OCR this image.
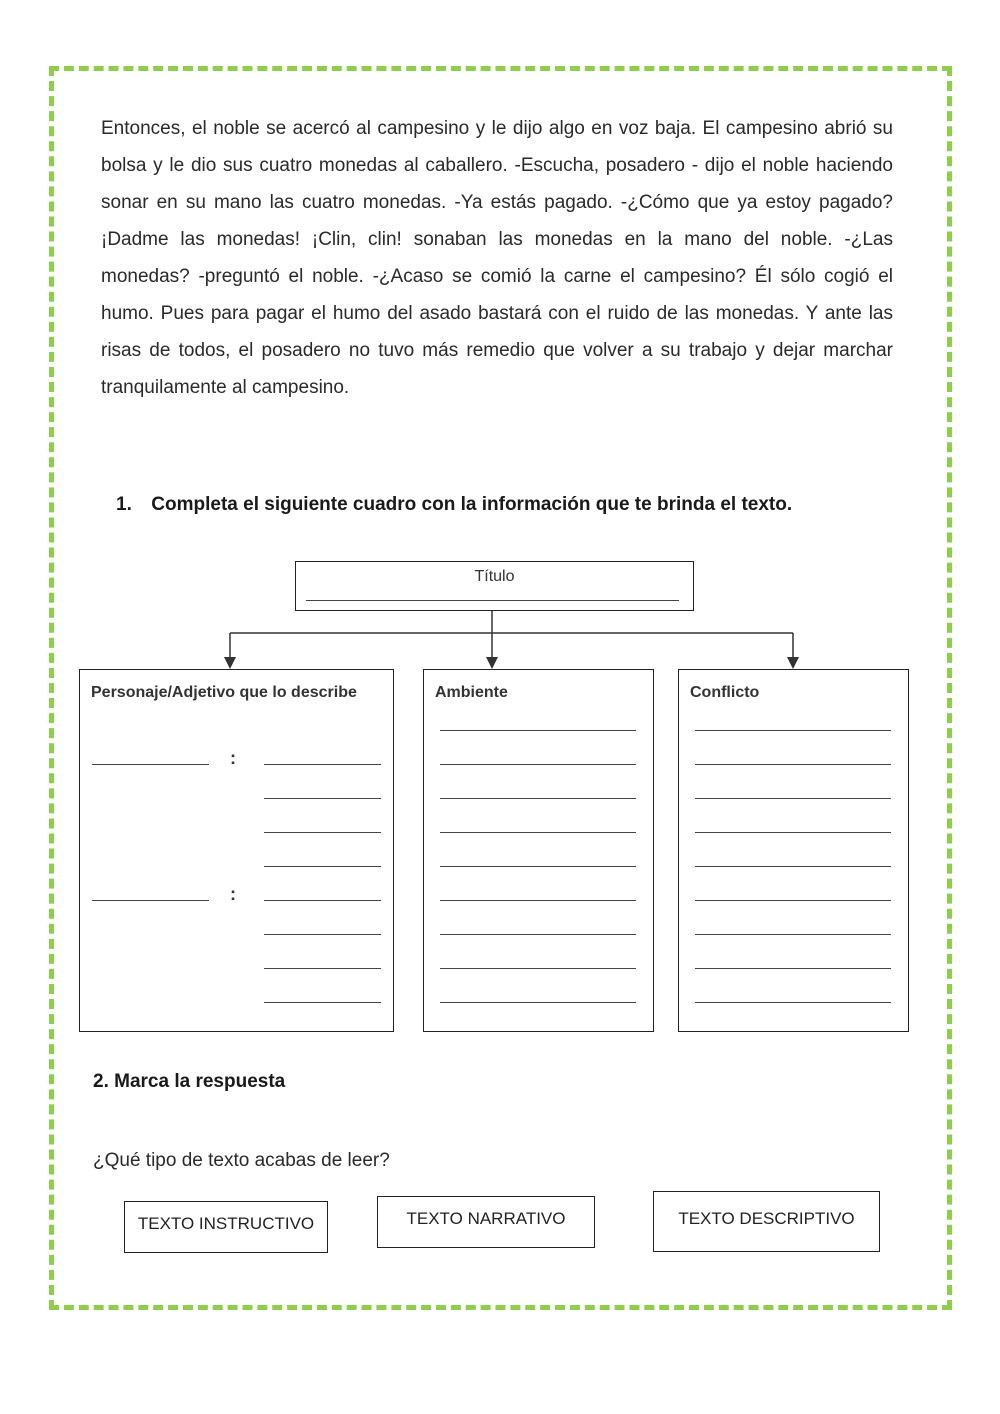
Entonces, el noble se acercó al campesino y le dijo algo en voz baja. El campesino abrió su bolsa y le dio sus cuatro monedas al caballero. -Escucha, posadero - dijo el noble haciendo sonar en su mano las cuatro monedas. -Ya estás pagado. -¿Cómo que ya estoy pagado? ¡Dadme las monedas! ¡Clin, clin! sonaban las monedas en la mano del noble. -¿Las monedas? -preguntó el noble. -¿Acaso se comió la carne el campesino? Él sólo cogió el humo. Pues para pagar el humo del asado bastará con el ruido de las monedas. Y ante las risas de todos, el posadero no tuvo más remedio que volver a su trabajo y dejar marchar tranquilamente al campesino.

1. Completa el siguiente cuadro con la información que te brinda el texto.
Título
Personaje/Adjetivo que lo describe
:
:
Ambiente	Conflicto
2. Marca la respuesta
¿Qué tipo de texto acabas de leer?
TEXTO INSTRUCTIVO	TEXTO NARRATIVO	TEXTO DESCRIPTIVO
